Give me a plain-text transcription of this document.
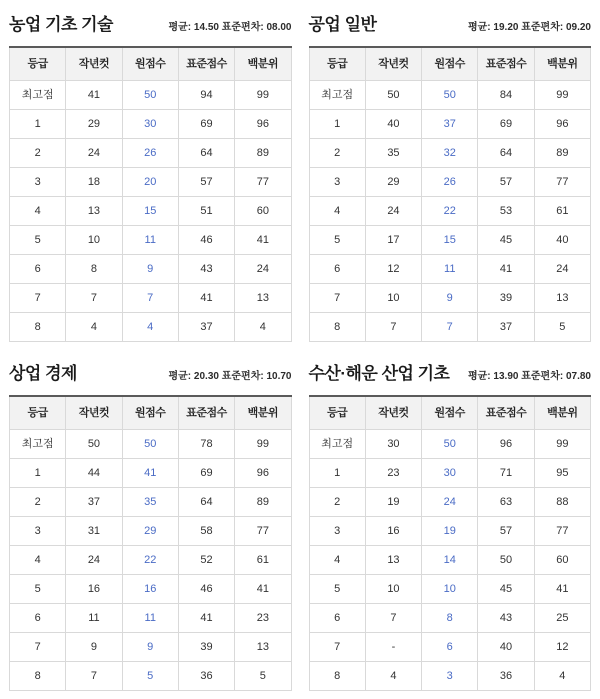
농업 기초 기술	평균: 14.50 표준편차: 08.00
등급	작년컷	원점수	표준점수	백분위
최고점	41	50	94	99
1	29	30	69	96
2	24	26	64	89
3	18	20	57	77
4	13	15	51	60
5	10	11	46	41
6	8	9	43	24
7	7	7	41	13
8	4	4	37	4
공업 일반	평균: 19.20 표준편차: 09.20
등급	작년컷	원점수	표준점수	백분위
최고점	50	50	84	99
1	40	37	69	96
2	35	32	64	89
3	29	26	57	77
4	24	22	53	61
5	17	15	45	40
6	12	11	41	24
7	10	9	39	13
8	7	7	37	5
상업 경제	평균: 20.30 표준편차: 10.70
등급	작년컷	원점수	표준점수	백분위
최고점	50	50	78	99
1	44	41	69	96
2	37	35	64	89
3	31	29	58	77
4	24	22	52	61
5	16	16	46	41
6	11	11	41	23
7	9	9	39	13
8	7	5	36	5
수산·해운 산업 기초 평균: 13.90 표준편차: 07.80
등급	작년컷	원점수	표준점수	백분위
최고점	30	50	96	99
1	23	30	71	95
2	19	24	63	88
3	16	19	57	77
4	13	14	50	60
5	10	10	45	41
6	7	8	43	25
7	-	6	40	12
8	4	3	36	4
